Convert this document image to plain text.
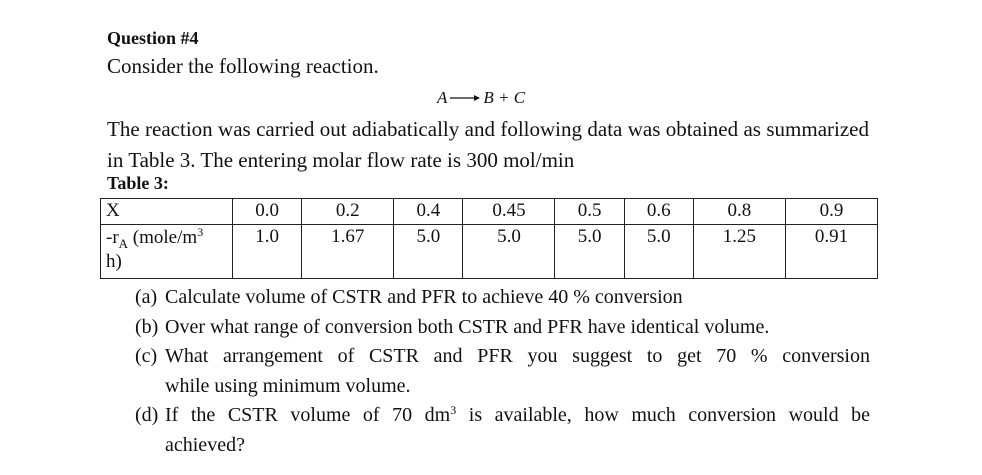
Question #4
Consider the following reaction.
A → B + C
The reaction was carried out adiabatically and following data was obtained as summarized in Table 3. The entering molar flow rate is 300 mol/min
Table 3:
X	0.0	0.2	0.4	0.45	0.5	0.6	0.8	0.9
$-r_A$ ($mole/m^3$
h)	1.0	1.67	5.0	5.0	5.0	5.0	1.25	0.91
(a) Calculate volume of CSTR and PFR to achieve 40 % conversion
(b) Over what range of conversion both CSTR and PFR have identical volume.
(c) What arrangement of CSTR and PFR you suggest to get 70 % conversion
while using minimum volume.
(d) If the CSTR volume of 70 $dm^3$ is available, how much conversion would be
achieved?
